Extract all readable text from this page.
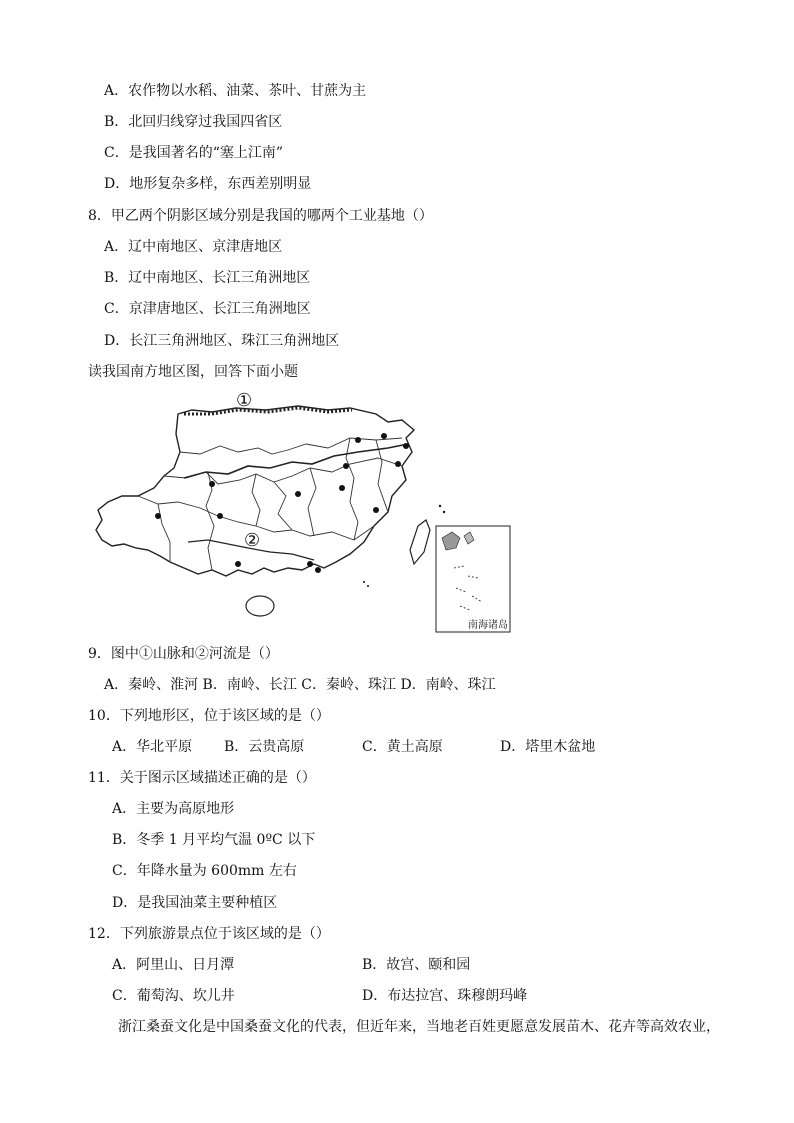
A．农作物以水稻、油菜、茶叶、甘蔗为主
B．北回归线穿过我国四省区
C．是我国著名的“塞上江南”
D．地形复杂多样，东西差别明显
8．甲乙两个阴影区域分别是我国的哪两个工业基地（）
A．辽中南地区、京津唐地区
B．辽中南地区、长江三角洲地区
C．京津唐地区、长江三角洲地区
D．长江三角洲地区、珠江三角洲地区
读我国南方地区图，回答下面小题
①
②
南海诸岛
9．图中①山脉和②河流是（）
A．秦岭、淮河 B．南岭、长江 C．秦岭、珠江 D．南岭、珠江
10．下列地形区，位于该区域的是（）
A．华北平原 B．云贵高原	C．黄土高原	D．塔里木盆地
11．关于图示区域描述正确的是（）
A．主要为高原地形
B．冬季 1 月平均气温 0ºC 以下
C．年降水量为 600mm 左右
D．是我国油菜主要种植区
12．下列旅游景点位于该区域的是（）
A．阿里山、日月潭	B．故宫、颐和园
C．葡萄沟、坎儿井	D．布达拉宫、珠穆朗玛峰
浙江桑蚕文化是中国桑蚕文化的代表，但近年来，当地老百姓更愿意发展苗木、花卉等高效农业，
